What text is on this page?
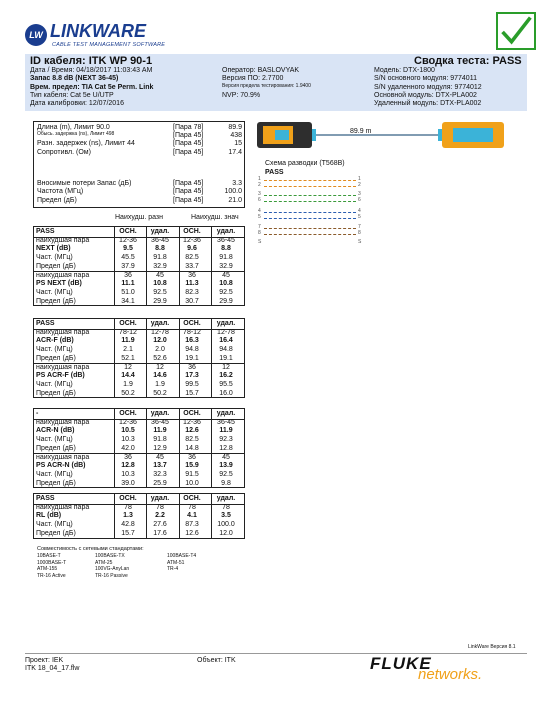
LW LINKWARE
CABLE TEST MANAGEMENT SOFTWARE
ID кабеля: ITK WP 90-1	Сводка теста: PASS
Дата / Время: 04/18/2017 11:03:43 AM
Запас 8.8 dB (NEXT 36-45)
Врем. предел: TIA Cat 5e Perm. Link
Тип кабеля: Cat 5e U/UTP
Дата калибровки: 12/07/2016
Оператор: BASLOVYAK
Версия ПО: 2.7700
Версия предела тестирования: 1.9400
NVP: 70.9%
Модель: DTX-1800
S/N основного модуля: 9774011
S/N удаленного модуля: 9774012
Основной модуль: DTX-PLA002
Удаленный модуль: DTX-PLA002
Длина (m), Лимит 90.0	[Пара 78]	89.9
Обысь. задержка (ns), Лимит 498	[Пара 45]	438
Разн. задержек (ns), Лимит 44	[Пара 45]	15
Сопротивл. (Ом)	[Пара 45]	17.4
Вносимые потери Запас (дБ)	[Пара 45]	3.3
Частота (МГц)	[Пара 45]	100.0
Предел (дБ)	[Пара 45]	21.0
Наихудш. разн	Наихудш. знач
PASS	ОСН.	удал.	ОСН.	удал.
наихудшая пара	12-36	36-45	12-36	36-45
NEXT (dB)	9.5	8.8	9.6	8.8
Част. (МГц)	45.5	91.8	82.5	91.8
Предел (дБ)	37.9	32.9	33.7	32.9
наихудшая пара	36	45	36	45
PS NEXT (dB)	11.1	10.8	11.3	10.8
Част. (МГц)	51.0	92.5	82.3	92.5
Предел (дБ)	34.1	29.9	30.7	29.9
PASS	ОСН.	удал.	ОСН.	удал.
наихудшая пара	78-12	12-78	78-12	12-78
ACR-F (dB)	11.9	12.0	16.3	16.4
Част. (МГц)	2.1	2.0	94.8	94.8
Предел (дБ)	52.1	52.6	19.1	19.1
наихудшая пара	12	12	36	12
PS ACR-F (dB)	14.4	14.6	17.3	16.2
Част. (МГц)	1.9	1.9	99.5	95.5
Предел (дБ)	50.2	50.2	15.7	16.0
-	ОСН.	удал.	ОСН.	удал.
наихудшая пара	12-36	36-45	12-36	36-45
ACR-N (dB)	10.5	11.9	12.6	11.9
Част. (МГц)	10.3	91.8	82.5	92.3
Предел (дБ)	42.0	12.9	14.8	12.8
наихудшая пара	36	45	36	45
PS ACR-N (dB)	12.8	13.7	15.9	13.9
Част. (МГц)	10.3	32.3	91.5	92.5
Предел (дБ)	39.0	25.9	10.0	9.8
PASS	ОСН.	удал.	ОСН.	удал.
наихудшая пара	78	78	78	78
RL (dB)	1.3	2.2	4.1	3.5
Част. (МГц)	42.8	27.6	87.3	100.0
Предел (дБ)	15.7	17.6	12.6	12.0
89.9 m
Схема разводки (T568B)
PASS
1	1
2	2
3	3
6	6
4	4
5	5
7	7
8	8
S	S
Совместимость с сетевыми стандартами:
10BASE-T	100BASE-TX	100BASE-T4
1000BASE-T	ATM-25	ATM-51
ATM-155	100VG-AnyLan	TR-4
TR-16 Active	TR-16 Passive
LinkWare Версия 8.1
Проект: IEK
ITK 18_04_17.flw
Объект: ITK	FLUKE
networks.
